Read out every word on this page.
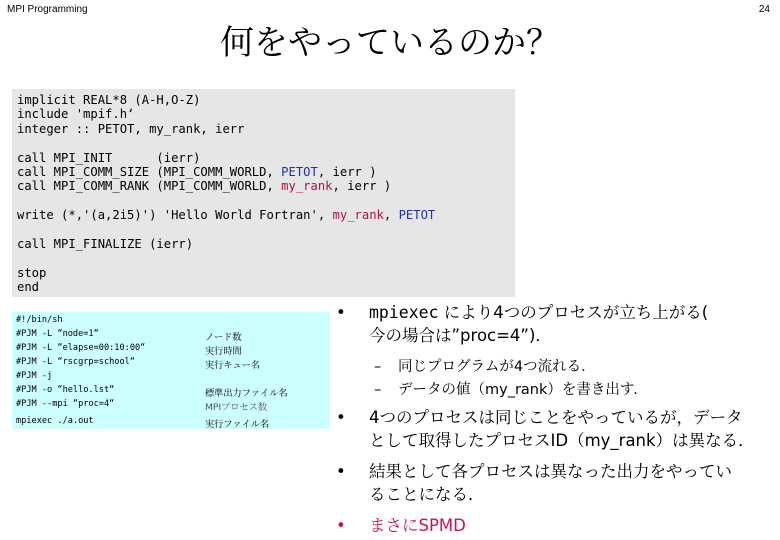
MPI Programming	24
何をやっているのか？
implicit REAL*8 (A-H,O-Z)
include 'mpif.h‘
integer :: PETOT, my_rank, ierr

call MPI_INIT      (ierr)
call MPI_COMM_SIZE (MPI_COMM_WORLD, PETOT, ierr )
call MPI_COMM_RANK (MPI_COMM_WORLD, my_rank, ierr )

write (*,'(a,2i5)') 'Hello World Fortran', my_rank, PETOT

call MPI_FINALIZE (ierr)

stop
end
#!/bin/sh
#PJM -L “node=1“	ノード数
#PJM -L “elapse=00:10:00“	実行時間
#PJM -L “rscgrp=school“	実行キュー名
#PJM -j
#PJM -o “hello.lst“	標準出力ファイル名
#PJM --mpi “proc=4“	MPIプロセス数
mpiexec ./a.out	実行ファイル名
• mpiexec により4つのプロセスが立ち上がる(
今の場合は”proc=4”)．
– 同じプログラムが4つ流れる．
– データの値（my_rank）を書き出す．
• 4つのプロセスは同じことをやっているが，データ
として取得したプロセスID（my_rank）は異なる．
• 結果として各プロセスは異なった出力をやってい
ることになる．
• まさにSPMD
